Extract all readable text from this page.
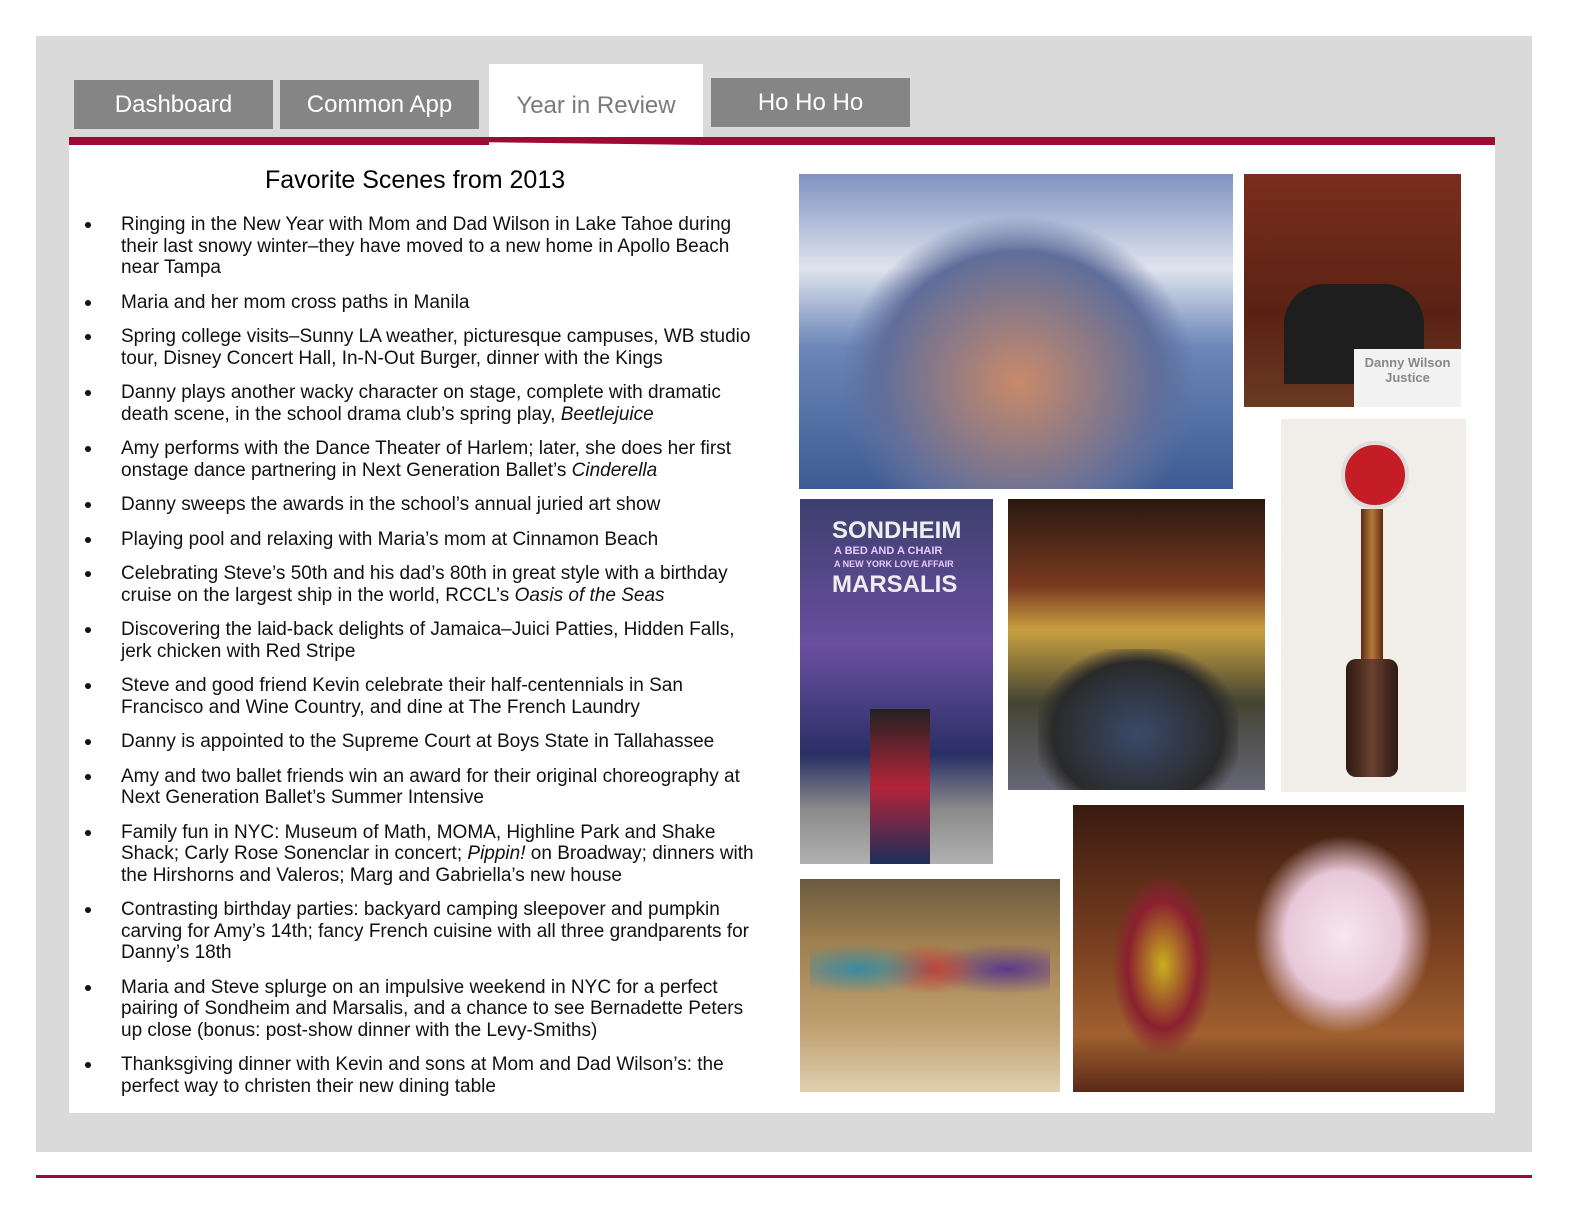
Dashboard	Common App	Year in Review	Ho Ho Ho
Favorite Scenes from 2013
Ringing in the New Year with Mom and Dad Wilson in Lake Tahoe during their last snowy winter–they have moved to a new home in Apollo Beach near Tampa
Maria and her mom cross paths in Manila
Spring college visits–Sunny LA weather, picturesque campuses, WB studio tour, Disney Concert Hall, In-N-Out Burger, dinner with the Kings
Danny plays another wacky character on stage, complete with dramatic death scene, in the school drama club’s spring play, Beetlejuice
Amy performs with the Dance Theater of Harlem; later, she does her first onstage dance partnering in Next Generation Ballet’s Cinderella
Danny sweeps the awards in the school’s annual juried art show
Playing pool and relaxing with Maria’s mom at Cinnamon Beach
Celebrating Steve’s 50th and his dad’s 80th in great style with a birthday cruise on the largest ship in the world, RCCL’s Oasis of the Seas
Discovering the laid-back delights of Jamaica–Juici Patties, Hidden Falls, jerk chicken with Red Stripe
Steve and good friend Kevin celebrate their half-centennials in San Francisco and Wine Country, and dine at The French Laundry
Danny is appointed to the Supreme Court at Boys State in Tallahassee
Amy and two ballet friends win an award for their original choreography at Next Generation Ballet’s Summer Intensive
Family fun in NYC: Museum of Math, MOMA, Highline Park and Shake Shack; Carly Rose Sonenclar in concert; Pippin! on Broadway; dinners with the Hirshorns and Valeros; Marg and Gabriella’s new house
Contrasting birthday parties: backyard camping sleepover and pumpkin carving for Amy’s 14th; fancy French cuisine with all three grandparents for Danny’s 18th
Maria and Steve splurge on an impulsive weekend in NYC for a perfect pairing of Sondheim and Marsalis, and a chance to see Bernadette Peters up close (bonus: post-show dinner with the Levy-Smiths)
Thanksgiving dinner with Kevin and sons at Mom and Dad Wilson’s: the perfect way to christen their new dining table
Danny Wilson
Justice
SONDHEIM
A BED AND A CHAIR
A NEW YORK LOVE AFFAIR
MARSALIS
